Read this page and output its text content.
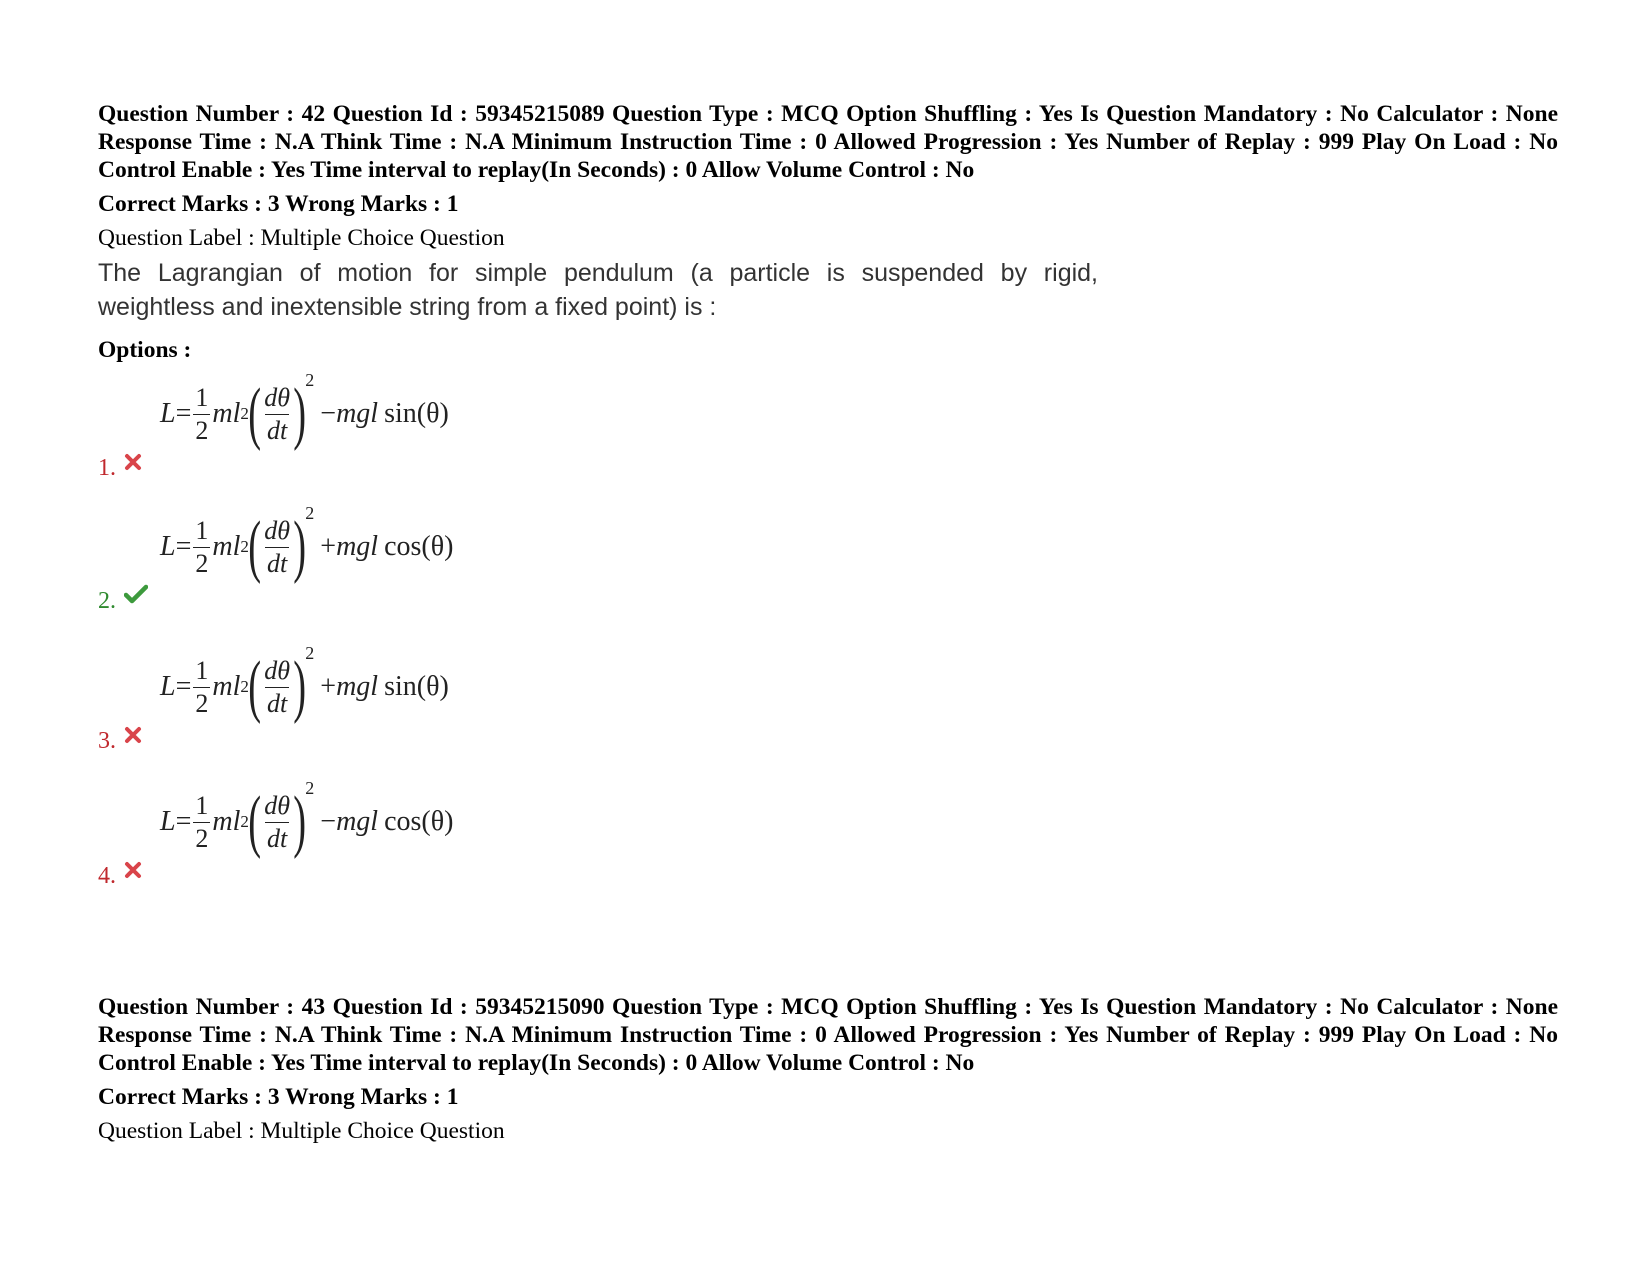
Question Number : 42 Question Id : 59345215089 Question Type : MCQ Option Shuffling : Yes Is Question Mandatory : No Calculator : None Response Time : N.A Think Time : N.A Minimum Instruction Time : 0 Allowed Progression : Yes Number of Replay : 999 Play On Load : No Control Enable : Yes Time interval to replay(In Seconds) : 0 Allow Volume Control : No

Correct Marks : 3 Wrong Marks : 1
Question Label : Multiple Choice Question
The Lagrangian of motion for simple pendulum (a particle is suspended by rigid, weightless and inextensible string from a fixed point) is :
Options :
$L = \frac{1}{2}$ ml 2 ( $\frac{d\theta}{dt}$ ) 2
− mgl sin(θ)
1.
$L = \frac{1}{2}$ ml 2 ( $\frac{d\theta}{dt}$ ) 2
+ mgl cos(θ)
2.
$L = \frac{1}{2}$ ml 2 ( $\frac{d\theta}{dt}$ ) 2
+ mgl sin(θ)
3.
$L = \frac{1}{2}$ ml 2 ( $\frac{d\theta}{dt}$ ) 2
− mgl cos(θ)
4.

Question Number : 43 Question Id : 59345215090 Question Type : MCQ Option Shuffling : Yes Is Question Mandatory : No Calculator : None Response Time : N.A Think Time : N.A Minimum Instruction Time : 0 Allowed Progression : Yes Number of Replay : 999 Play On Load : No Control Enable : Yes Time interval to replay(In Seconds) : 0 Allow Volume Control : No

Correct Marks : 3 Wrong Marks : 1
Question Label : Multiple Choice Question
